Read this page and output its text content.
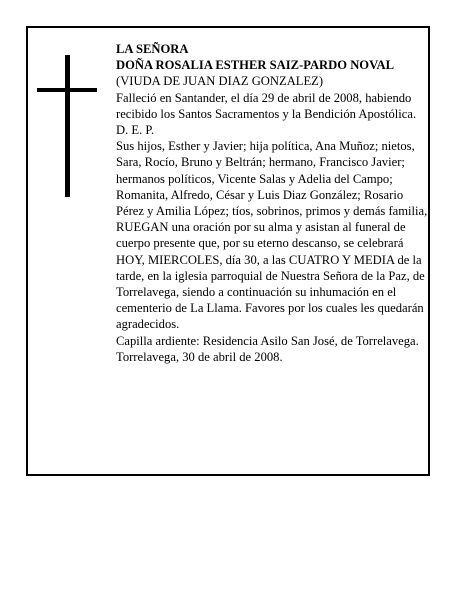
LA SEÑORA

DOÑA ROSALIA ESTHER SAIZ-PARDO NOVAL

(VIUDA DE JUAN DIAZ GONZALEZ)

Falleció en Santander, el día 29 de abril de 2008, habiendo recibido los Santos Sacramentos y la Bendición Apostólica.

D. E. P.

Sus hijos, Esther y Javier; hija política, Ana Muñoz; nietos, Sara, Rocío, Bruno y Beltrán; hermano, Francisco Javier; hermanos políticos, Vicente Salas y Adelia del Campo; Romanita, Alfredo, César y Luis Diaz González; Rosario Pérez y Amilia López; tíos, sobrinos, primos y demás familia,

RUEGAN una oración por su alma y asistan al funeral de cuerpo presente que, por su eterno descanso, se celebrará HOY, MIERCOLES, día 30, a las CUATRO Y MEDIA de la tarde, en la iglesia parroquial de Nuestra Señora de la Paz, de Torrelavega, siendo a continuación su inhumación en el cementerio de La Llama. Favores por los cuales les quedarán agradecidos.

Capilla ardiente: Residencia Asilo San José, de Torrelavega.

Torrelavega, 30 de abril de 2008.
